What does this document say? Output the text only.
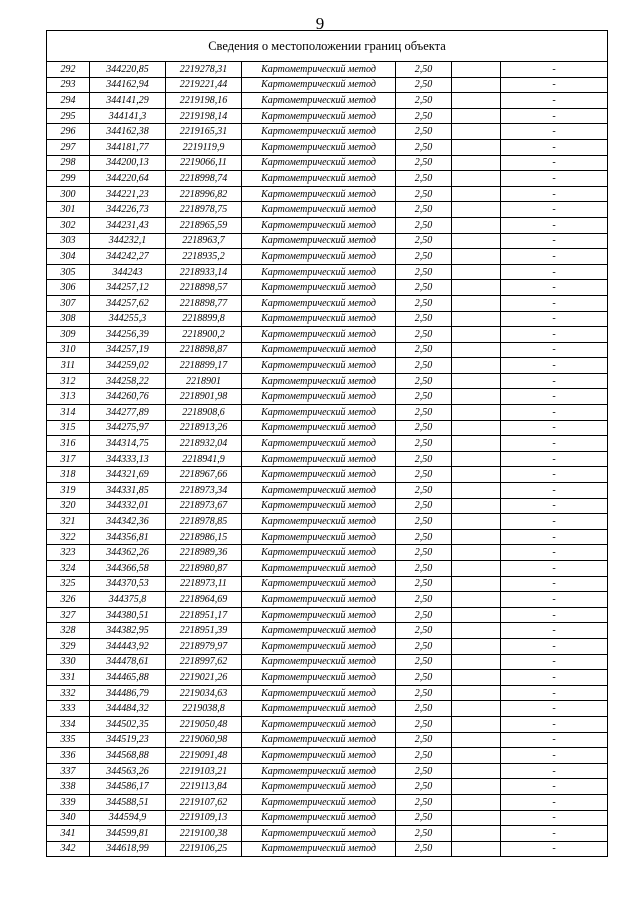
9
Сведения о местоположении границ объекта						
292	344220,85	2219278,31	Картометрический метод	2,50		-
293	344162,94	2219221,44	Картометрический метод	2,50		-
294	344141,29	2219198,16	Картометрический метод	2,50		-
295	344141,3	2219198,14	Картометрический метод	2,50		-
296	344162,38	2219165,31	Картометрический метод	2,50		-
297	344181,77	2219119,9	Картометрический метод	2,50		-
298	344200,13	2219066,11	Картометрический метод	2,50		-
299	344220,64	2218998,74	Картометрический метод	2,50		-
300	344221,23	2218996,82	Картометрический метод	2,50		-
301	344226,73	2218978,75	Картометрический метод	2,50		-
302	344231,43	2218965,59	Картометрический метод	2,50		-
303	344232,1	2218963,7	Картометрический метод	2,50		-
304	344242,27	2218935,2	Картометрический метод	2,50		-
305	344243	2218933,14	Картометрический метод	2,50		-
306	344257,12	2218898,57	Картометрический метод	2,50		-
307	344257,62	2218898,77	Картометрический метод	2,50		-
308	344255,3	2218899,8	Картометрический метод	2,50		-
309	344256,39	2218900,2	Картометрический метод	2,50		-
310	344257,19	2218898,87	Картометрический метод	2,50		-
311	344259,02	2218899,17	Картометрический метод	2,50		-
312	344258,22	2218901	Картометрический метод	2,50		-
313	344260,76	2218901,98	Картометрический метод	2,50		-
314	344277,89	2218908,6	Картометрический метод	2,50		-
315	344275,97	2218913,26	Картометрический метод	2,50		-
316	344314,75	2218932,04	Картометрический метод	2,50		-
317	344333,13	2218941,9	Картометрический метод	2,50		-
318	344321,69	2218967,66	Картометрический метод	2,50		-
319	344331,85	2218973,34	Картометрический метод	2,50		-
320	344332,01	2218973,67	Картометрический метод	2,50		-
321	344342,36	2218978,85	Картометрический метод	2,50		-
322	344356,81	2218986,15	Картометрический метод	2,50		-
323	344362,26	2218989,36	Картометрический метод	2,50		-
324	344366,58	2218980,87	Картометрический метод	2,50		-
325	344370,53	2218973,11	Картометрический метод	2,50		-
326	344375,8	2218964,69	Картометрический метод	2,50		-
327	344380,51	2218951,17	Картометрический метод	2,50		-
328	344382,95	2218951,39	Картометрический метод	2,50		-
329	344443,92	2218979,97	Картометрический метод	2,50		-
330	344478,61	2218997,62	Картометрический метод	2,50		-
331	344465,88	2219021,26	Картометрический метод	2,50		-
332	344486,79	2219034,63	Картометрический метод	2,50		-
333	344484,32	2219038,8	Картометрический метод	2,50		-
334	344502,35	2219050,48	Картометрический метод	2,50		-
335	344519,23	2219060,98	Картометрический метод	2,50		-
336	344568,88	2219091,48	Картометрический метод	2,50		-
337	344563,26	2219103,21	Картометрический метод	2,50		-
338	344586,17	2219113,84	Картометрический метод	2,50		-
339	344588,51	2219107,62	Картометрический метод	2,50		-
340	344594,9	2219109,13	Картометрический метод	2,50		-
341	344599,81	2219100,38	Картометрический метод	2,50		-
342	344618,99	2219106,25	Картометрический метод	2,50		-
